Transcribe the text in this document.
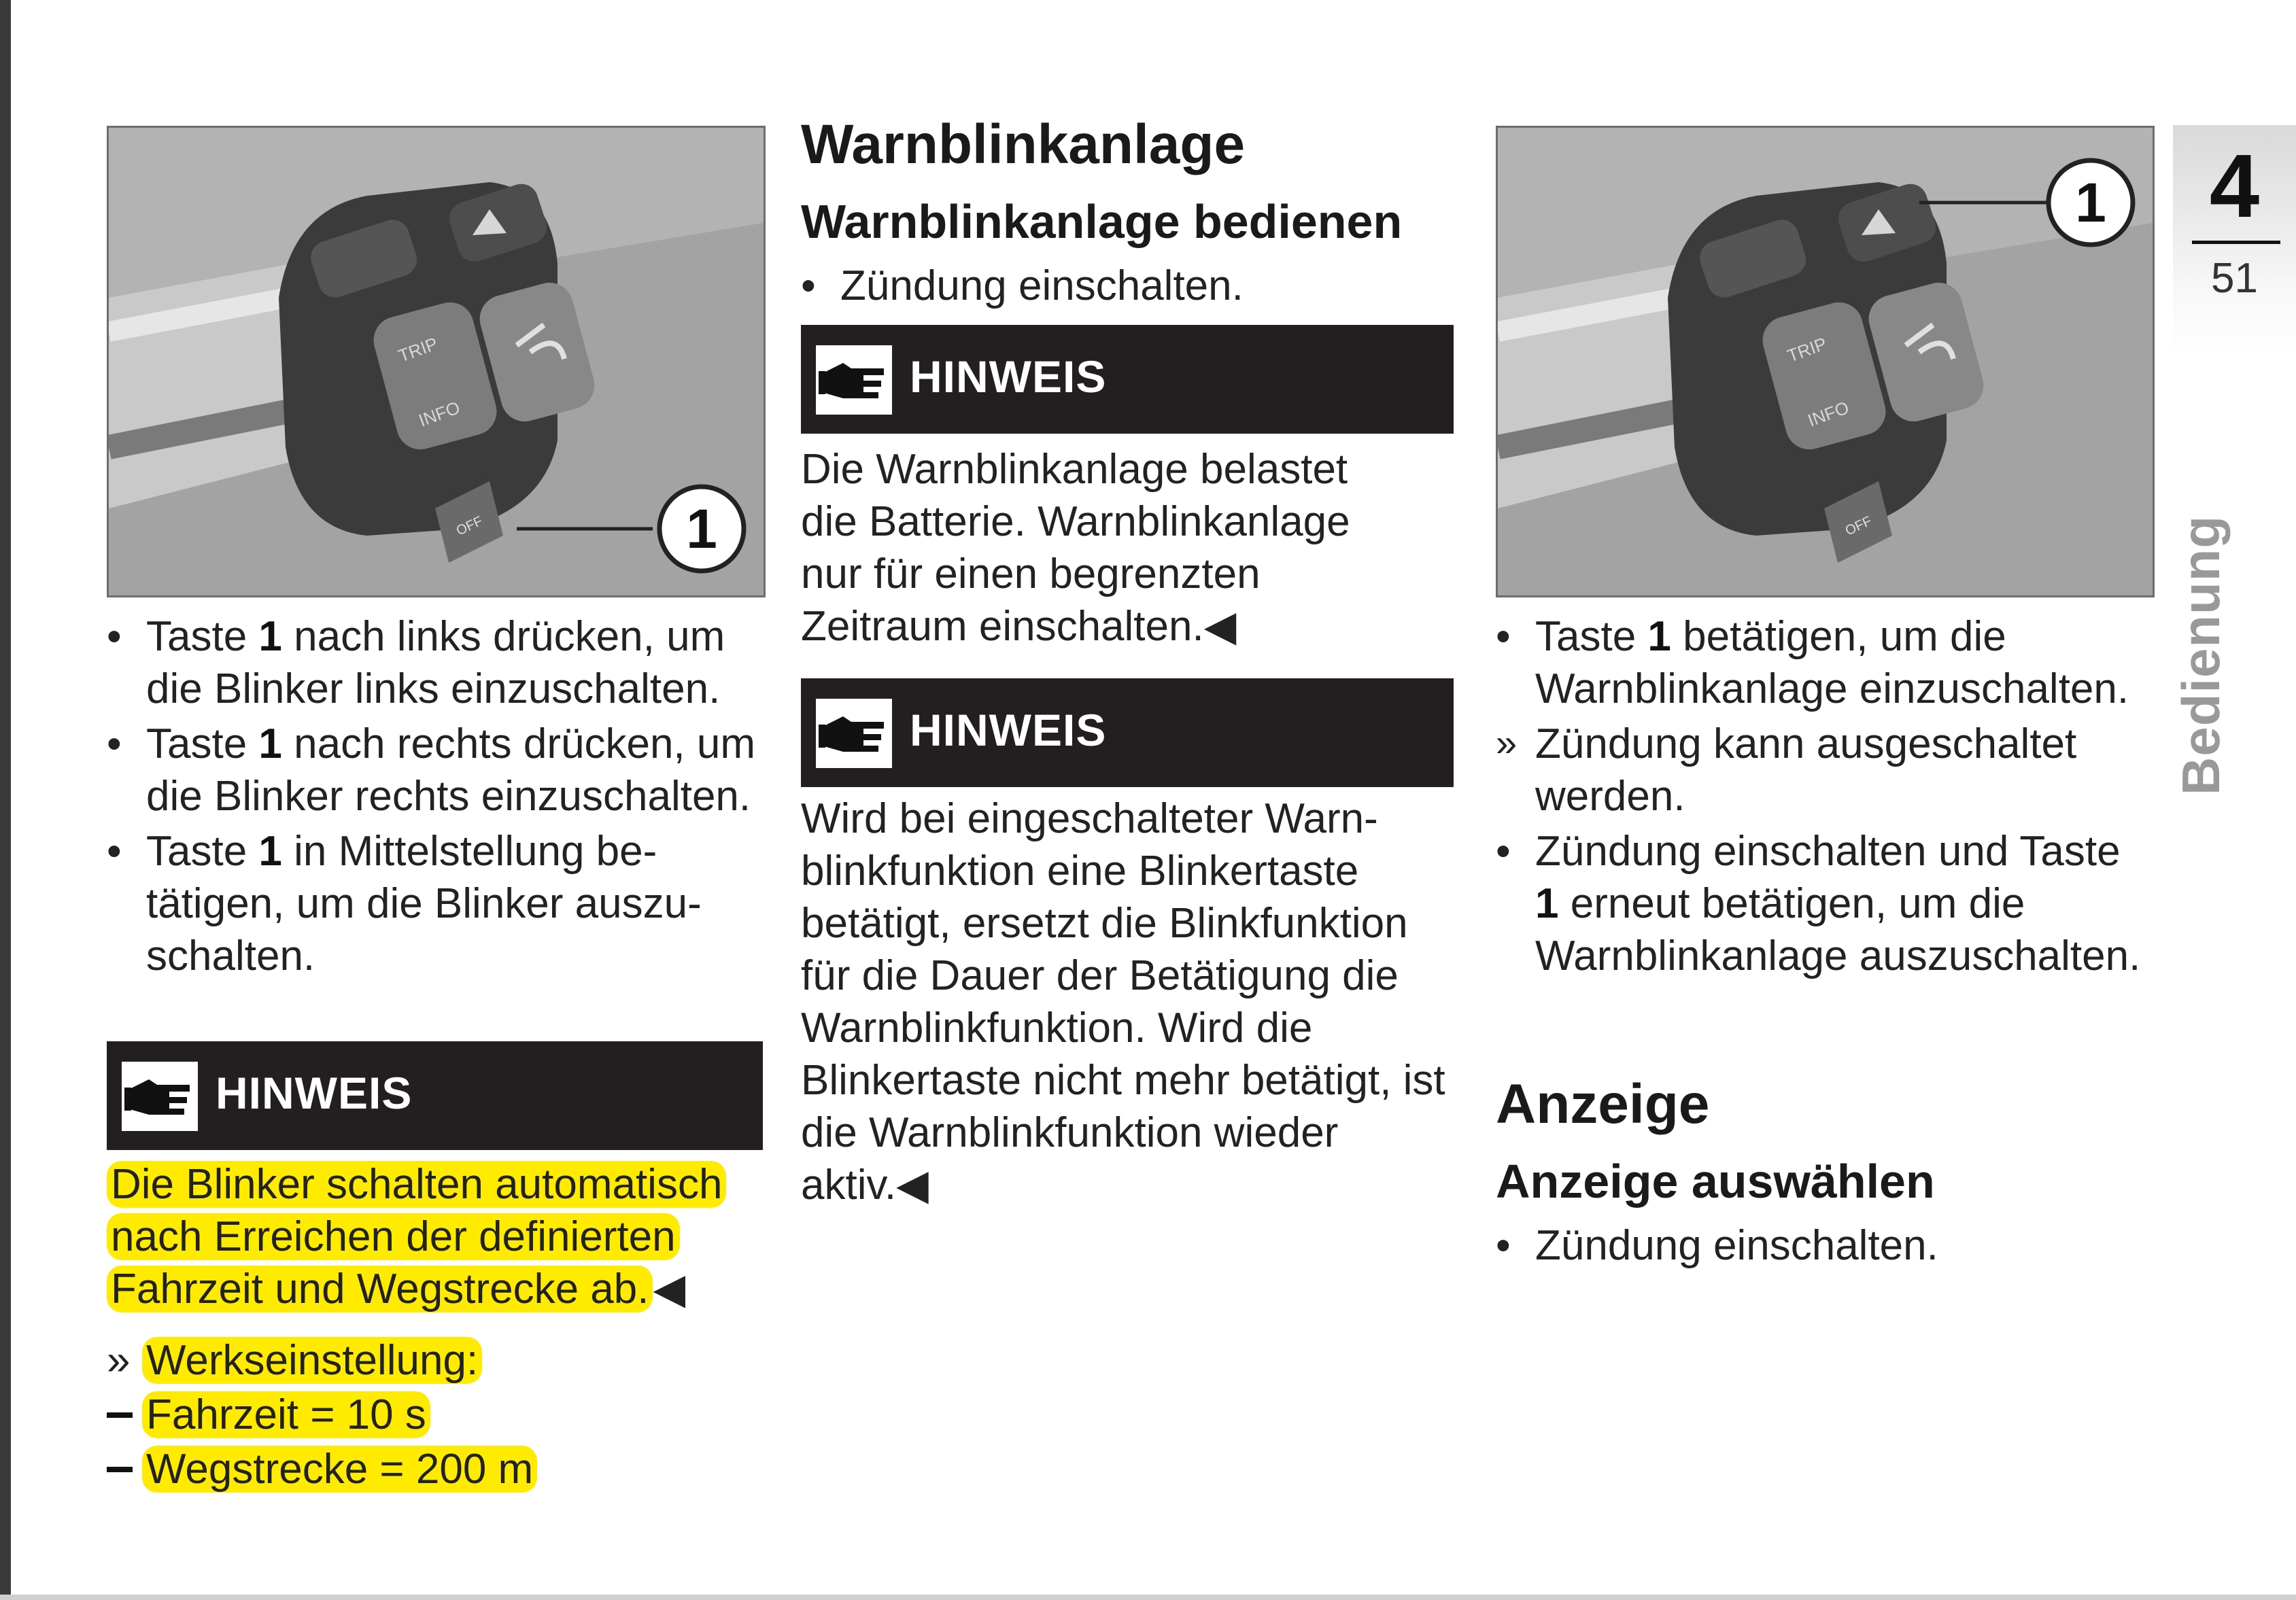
TRIP
INFO
OFF	1
• Taste 1 nach links drücken, um die Blinker links einzuschalten.
• Taste 1 nach rechts drücken, um die Blinker rechts einzuschalten.
• Taste 1 in Mittelstellung betätigen, um die Blinker auszuschalten.
HINWEIS
Die Blinker schalten automatisch
nach Erreichen der definierten
Fahrzeit und Wegstrecke ab.◀
» Werkseinstellung:
Fahrzeit = 10 s
Wegstrecke = 200 m
Warnblinkanlage
Warnblinkanlage bedienen
• Zündung einschalten.
HINWEIS

Die Warnblinkanlage belastet die Batterie. Warnblinkanlage nur für einen begrenzten Zeitraum einschalten.◀

HINWEIS

Wird bei eingeschalteter Warnblinkfunktion eine Blinkertaste betätigt, ersetzt die Blinkfunktion für die Dauer der Betätigung die Warnblinkfunktion. Wird die Blinkertaste nicht mehr betätigt, ist die Warnblinkfunktion wieder aktiv.◀

TRIP
INFO
OFF
1
• Taste 1 betätigen, um die Warnblinkanlage einzuschalten.
» Zündung kann ausgeschaltet werden.
• Zündung einschalten und Taste 1 erneut betätigen, um die Warnblinkanlage auszuschalten.
Anzeige
Anzeige auswählen
• Zündung einschalten.
4
51
Bedienung
